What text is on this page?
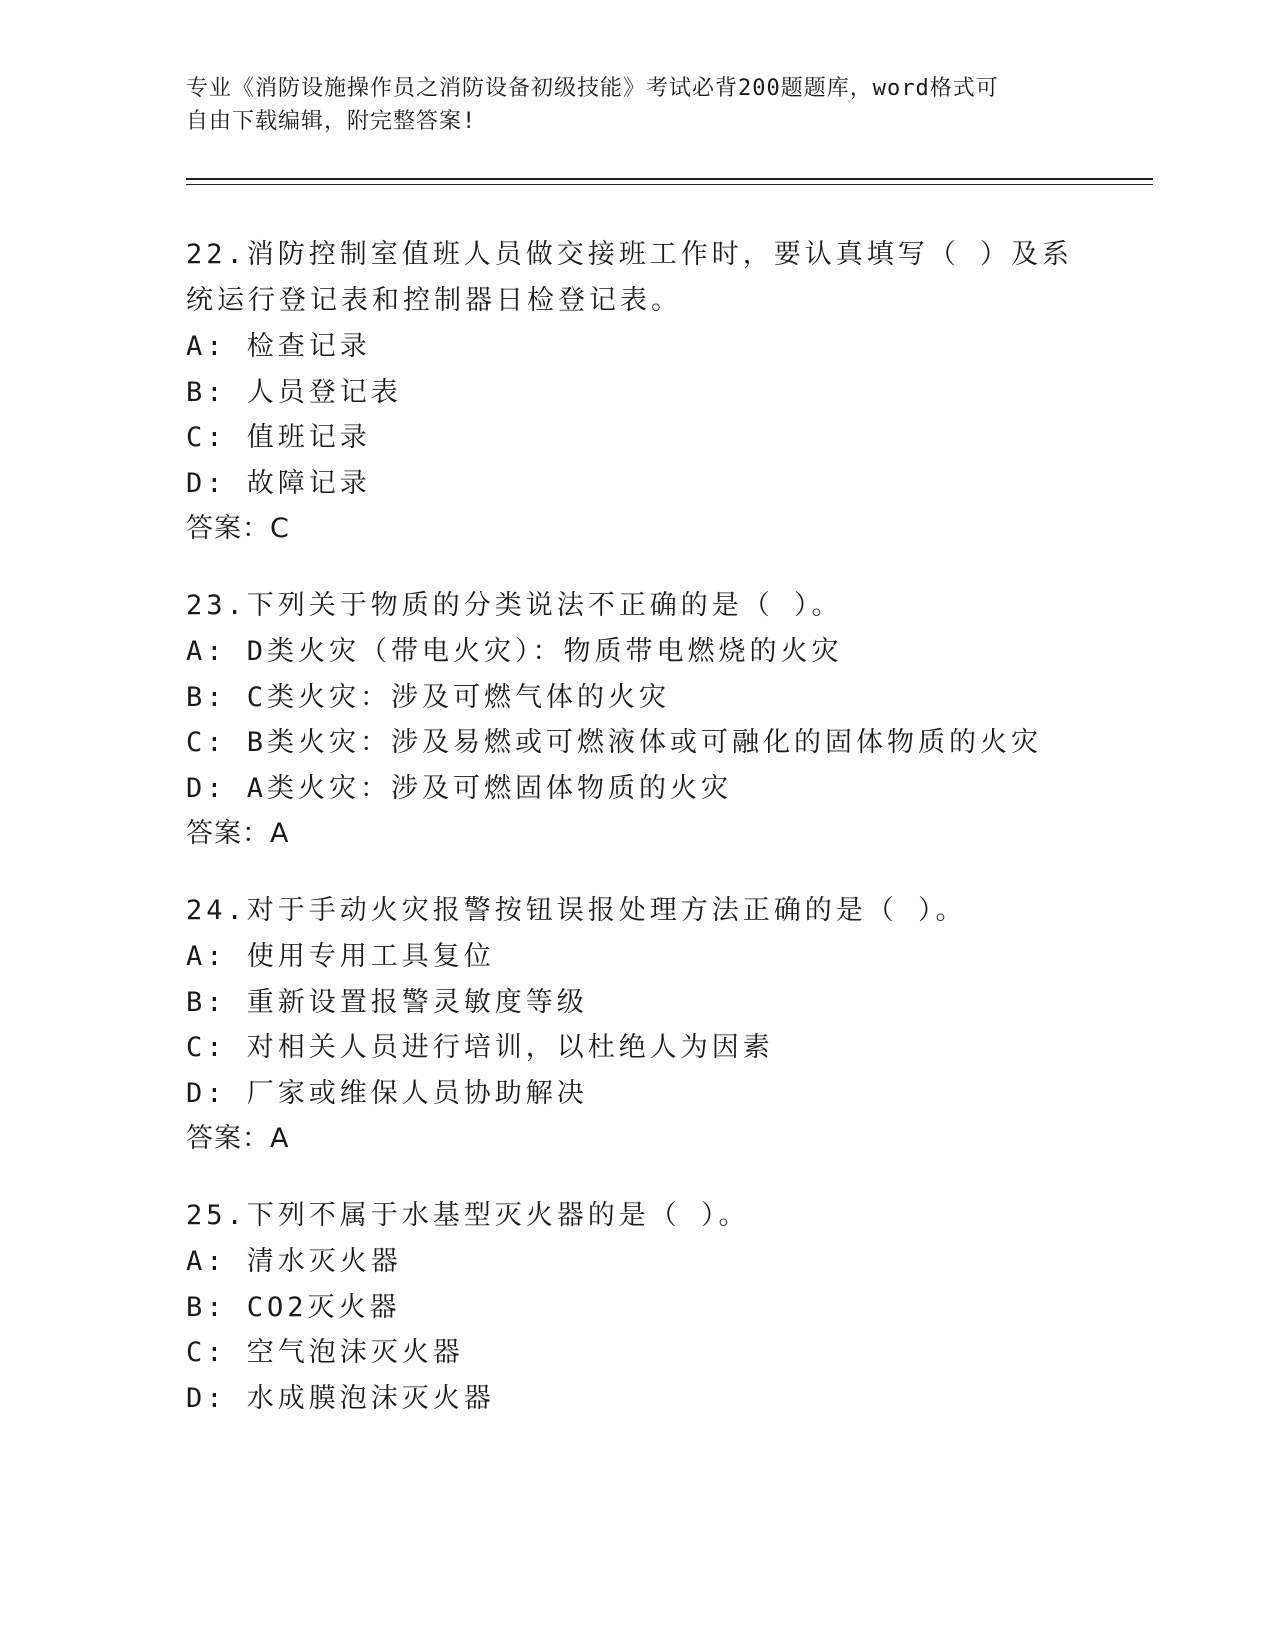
专业《消防设施操作员之消防设备初级技能》考试必背200题题库，word格式可
自由下载编辑，附完整答案!

22.消防控制室值班人员做交接班工作时，要认真填写（ ）及系统运行登记表和控制器日检登记表。

A: 检查记录

B: 人员登记表

C: 值班记录

D: 故障记录

答案：C

23.下列关于物质的分类说法不正确的是（ ）。

A: D类火灾（带电火灾）：物质带电燃烧的火灾

B: C类火灾：涉及可燃气体的火灾

C: B类火灾：涉及易燃或可燃液体或可融化的固体物质的火灾

D: A类火灾：涉及可燃固体物质的火灾

答案：A

24.对于手动火灾报警按钮误报处理方法正确的是（ ）。

A: 使用专用工具复位

B: 重新设置报警灵敏度等级

C: 对相关人员进行培训，以杜绝人为因素

D: 厂家或维保人员协助解决

答案：A

25.下列不属于水基型灭火器的是（ ）。

A: 清水灭火器

B: CO2灭火器

C: 空气泡沫灭火器

D: 水成膜泡沫灭火器
